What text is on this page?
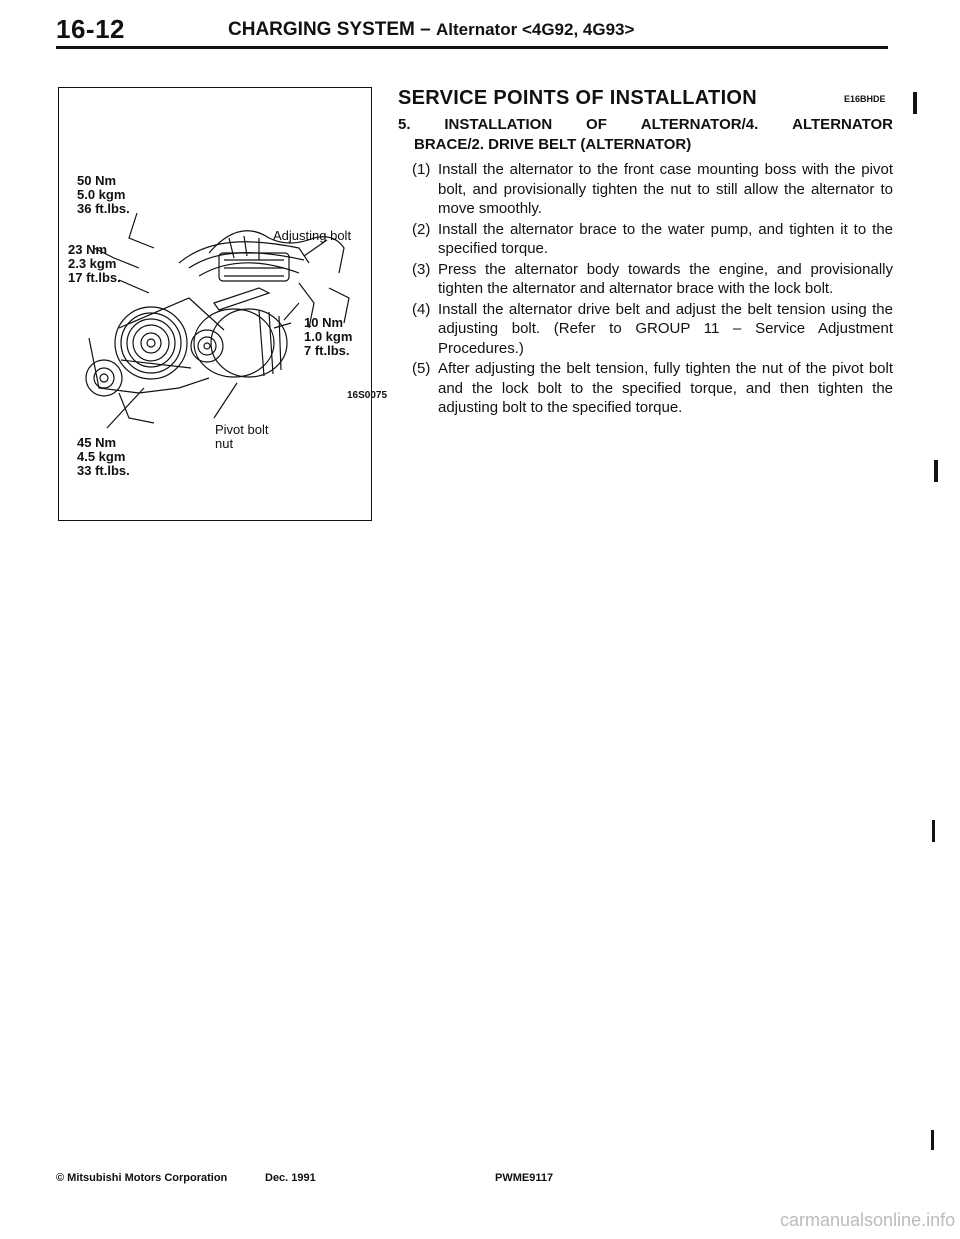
16-12	CHARGING SYSTEM – Alternator <4G92, 4G93>
50 Nm
5.0 kgm
36 ft.lbs.
23 Nm
2.3 kgm
17 ft.lbs.
Adjusting bolt
10 Nm
1.0 kgm
7 ft.lbs.
16S0075
Pivot bolt
nut
45 Nm
4.5 kgm
33 ft.lbs.
SERVICE POINTS OF INSTALLATION	E16BHDE
5. INSTALLATION OF ALTERNATOR/4. ALTERNATOR
BRACE/2. DRIVE BELT (ALTERNATOR)
(1) Install the alternator to the front case mounting boss with the pivot bolt, and provisionally tighten the nut to still allow the alternator to move smoothly.
(2) Install the alternator brace to the water pump, and tighten it to the specified torque.
(3) Press the alternator body towards the engine, and provisionally tighten the alternator and alternator brace with the lock bolt.
(4) Install the alternator drive belt and adjust the belt tension using the adjusting bolt. (Refer to GROUP 11 – Service Adjustment Procedures.)
(5) After adjusting the belt tension, fully tighten the nut of the pivot bolt and the lock bolt to the specified torque, and then tighten the adjusting bolt to the specified torque.
© Mitsubishi Motors Corporation	Dec. 1991	PWME9117
carmanualsonline.info
